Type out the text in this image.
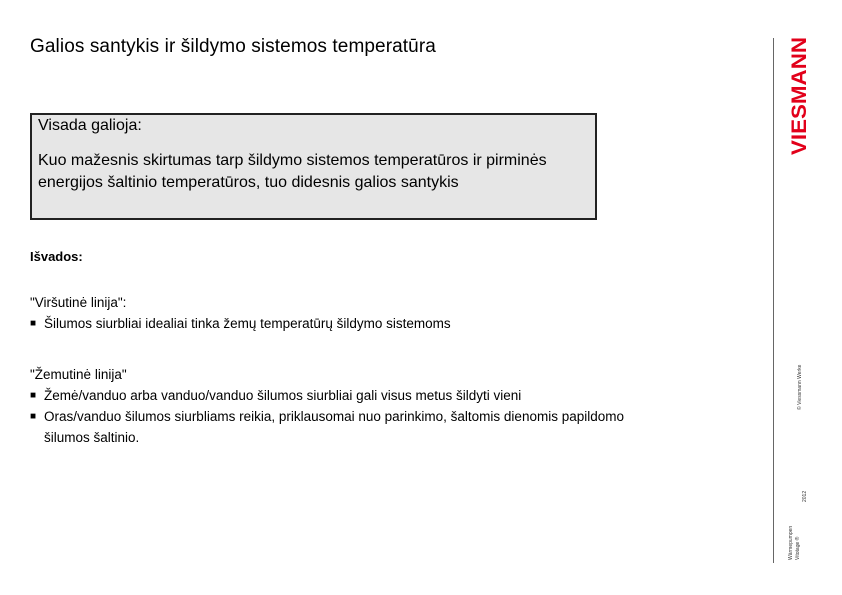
Galios santykis ir šildymo sistemos temperatūra
Visada galioja:
Kuo mažesnis skirtumas tarp šildymo sistemos temperatūros ir pirminės energijos šaltinio temperatūros, tuo didesnis galios santykis
Išvados:
"Viršutinė linija":
■ Šilumos siurbliai idealiai tinka žemų temperatūrų šildymo sistemoms
"Žemutinė linija"
■ Žemė/vanduo arba vanduo/vanduo šilumos siurbliai gali visus metus šildyti vieni
■ Oras/vanduo šilumos siurbliams reikia, priklausomai nuo parinkimo, šaltomis dienomis papildomo šilumos šaltinio.
VIESMANN
© Viessmann Werke
2012
Wärmepumpen Vitotage ®
